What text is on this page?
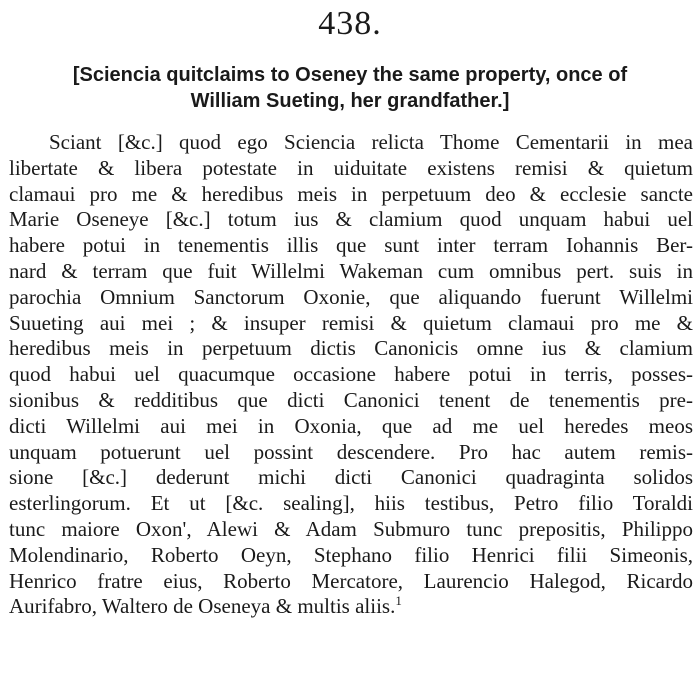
438.
[Sciencia quitclaims to Oseney the same property, once of
William Sueting, her grandfather.]
Sciant [&c.] quod ego Sciencia relicta Thome Cementarii in mea
libertate & libera potestate in uiduitate existens remisi & quietum
clamaui pro me & heredibus meis in perpetuum deo & ecclesie sancte
Marie Oseneye [&c.] totum ius & clamium quod unquam habui uel
habere potui in tenementis illis que sunt inter terram Iohannis Ber-
nard & terram que fuit Willelmi Wakeman cum omnibus pert. suis in
parochia Omnium Sanctorum Oxonie, que aliquando fuerunt Willelmi
Suueting aui mei ; & insuper remisi & quietum clamaui pro me &
heredibus meis in perpetuum dictis Canonicis omne ius & clamium
quod habui uel quacumque occasione habere potui in terris, posses-
sionibus & redditibus que dicti Canonici tenent de tenementis pre-
dicti Willelmi aui mei in Oxonia, que ad me uel heredes meos
unquam potuerunt uel possint descendere. Pro hac autem remis-
sione [&c.] dederunt michi dicti Canonici quadraginta solidos
esterlingorum. Et ut [&c. sealing], hiis testibus, Petro filio Toraldi
tunc maiore Oxon', Alewi & Adam Submuro tunc prepositis, Philippo
Molendinario, Roberto Oeyn, Stephano filio Henrici filii Simeonis,
Henrico fratre eius, Roberto Mercatore, Laurencio Halegod, Ricardo
Aurifabro, Waltero de Oseneya & multis aliis.$^1$
